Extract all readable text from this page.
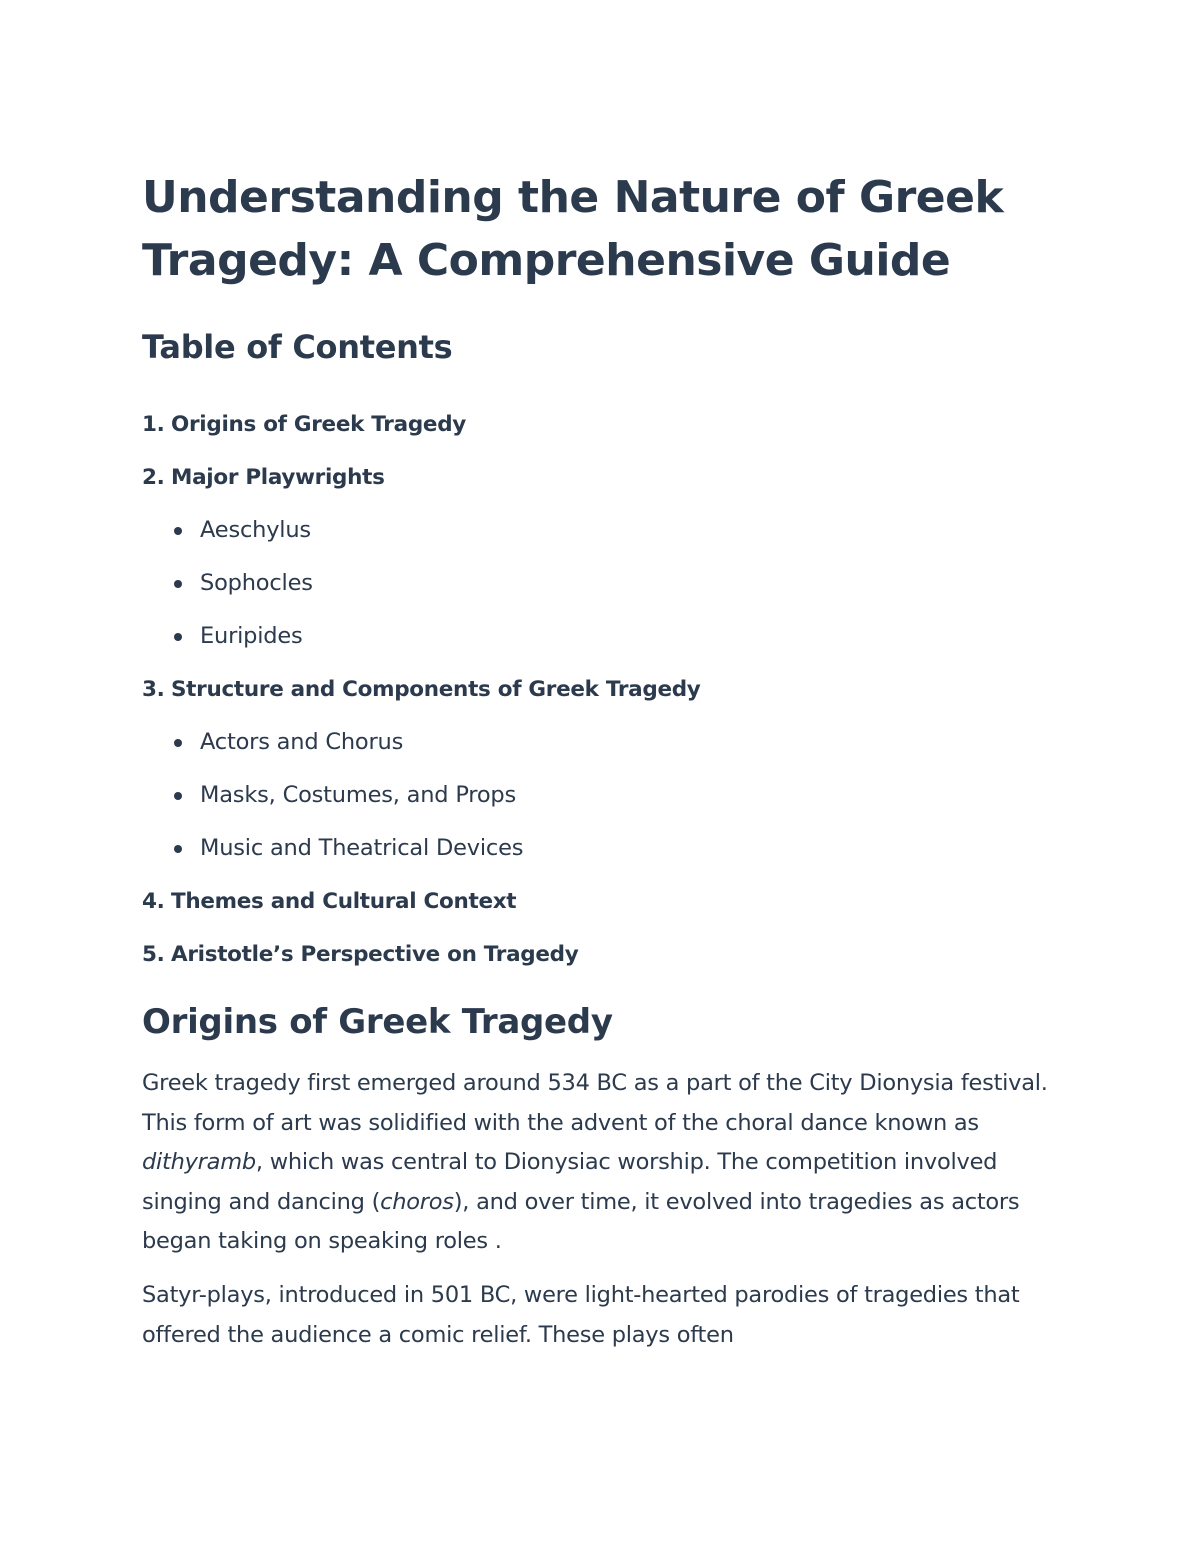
Understanding the Nature of Greek Tragedy: A Comprehensive Guide
Table of Contents
1. Origins of Greek Tragedy
2. Major Playwrights
Aeschylus
Sophocles
Euripides
3. Structure and Components of Greek Tragedy
Actors and Chorus
Masks, Costumes, and Props
Music and Theatrical Devices
4. Themes and Cultural Context
5. Aristotle’s Perspective on Tragedy
Origins of Greek Tragedy

Greek tragedy first emerged around 534 BC as a part of the City Dionysia festival. This form of art was solidified with the advent of the choral dance known as dithyramb, which was central to Dionysiac worship. The competition involved singing and dancing (choros), and over time, it evolved into tragedies as actors began taking on speaking roles .

Satyr-plays, introduced in 501 BC, were light-hearted parodies of tragedies that offered the audience a comic relief. These plays often
